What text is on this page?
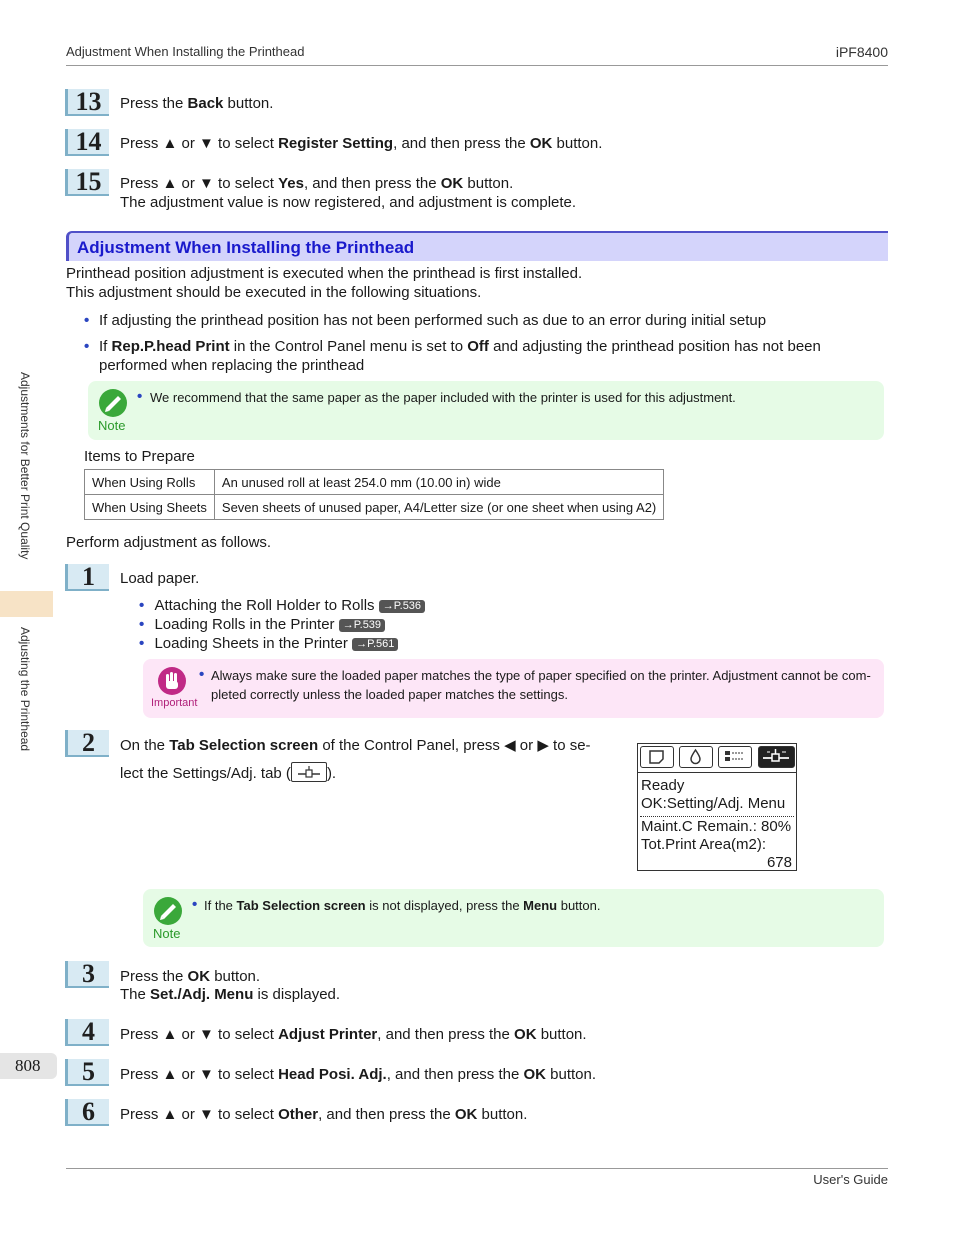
Adjustment When Installing the Printhead	iPF8400
Adjustments for Better Print Quality
Adjusting the Printhead
808
13	Press the Back button.
14	Press ▲ or ▼ to select Register Setting, and then press the OK button.
15	Press ▲ or ▼ to select Yes, and then press the OK button.
The adjustment value is now registered, and adjustment is complete.
Adjustment When Installing the Printhead
Printhead position adjustment is executed when the printhead is first installed.
This adjustment should be executed in the following situations.
• If adjusting the printhead position has not been performed such as due to an error during initial setup
• If Rep.P.head Print in the Control Panel menu is set to Off and adjusting the printhead position has not been
performed when replacing the printhead
Note
• We recommend that the same paper as the paper included with the printer is used for this adjustment.
Items to Prepare
When Using Rolls	An unused roll at least 254.0 mm (10.00 in) wide
When Using Sheets	Seven sheets of unused paper, A4/Letter size (or one sheet when using A2)
Perform adjustment as follows.
1	Load paper.
• Attaching the Roll Holder to Rolls →P.536
• Loading Rolls in the Printer →P.539
• Loading Sheets in the Printer →P.561
Important
• Always make sure the loaded paper matches the type of paper specified on the printer. Adjustment cannot be com-
pleted correctly unless the loaded paper matches the settings.
2	On the Tab Selection screen of the Control Panel, press ◀ or ▶ to se-
lect the Settings/Adj. tab ( ).
Ready
OK:Setting/Adj. Menu
Maint.C Remain.: 80%
Tot.Print Area(m2):
678
Note
• If the Tab Selection screen is not displayed, press the Menu button.
3	Press the OK button.
The Set./Adj. Menu is displayed.
4	Press ▲ or ▼ to select Adjust Printer, and then press the OK button.
5	Press ▲ or ▼ to select Head Posi. Adj., and then press the OK button.
6	Press ▲ or ▼ to select Other, and then press the OK button.
User's Guide
